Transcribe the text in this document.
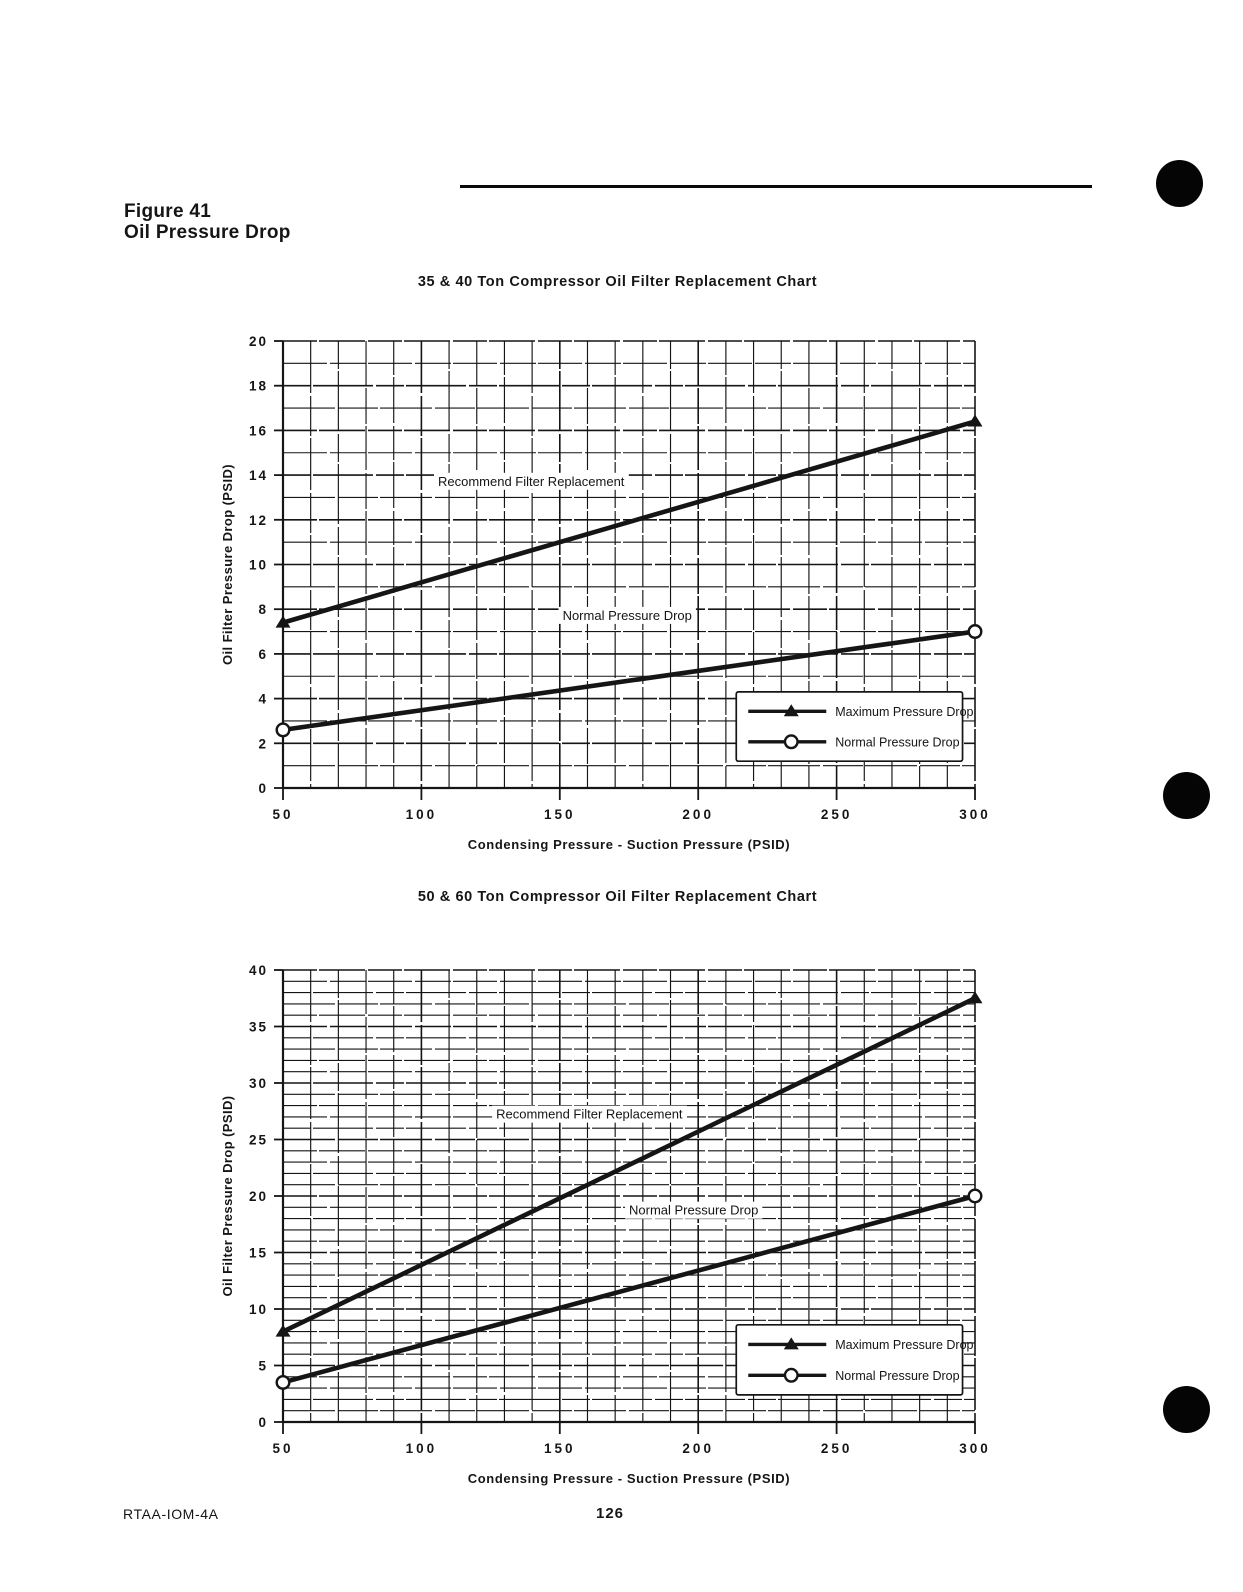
Figure 41
Oil Pressure Drop
35 & 40 Ton Compressor Oil Filter Replacement Chart
50 & 60 Ton Compressor Oil Filter Replacement Chart
50	100	150	200	250	300
0
2
4
6
8
10
12
14
16
18
20
Recommend Filter Replacement
Normal Pressure Drop
Condensing Pressure - Suction Pressure (PSID)
Oil Filter Pressure Drop (PSID)
Maximum Pressure Drop
Normal Pressure Drop
50	100	150	200	250	300
0
5
10
15
20
25
30
35
40
Recommend Filter Replacement
Normal Pressure Drop
Condensing Pressure - Suction Pressure (PSID)
Oil Filter Pressure Drop (PSID)
Maximum Pressure Drop
Normal Pressure Drop
RTAA-IOM-4A	126
